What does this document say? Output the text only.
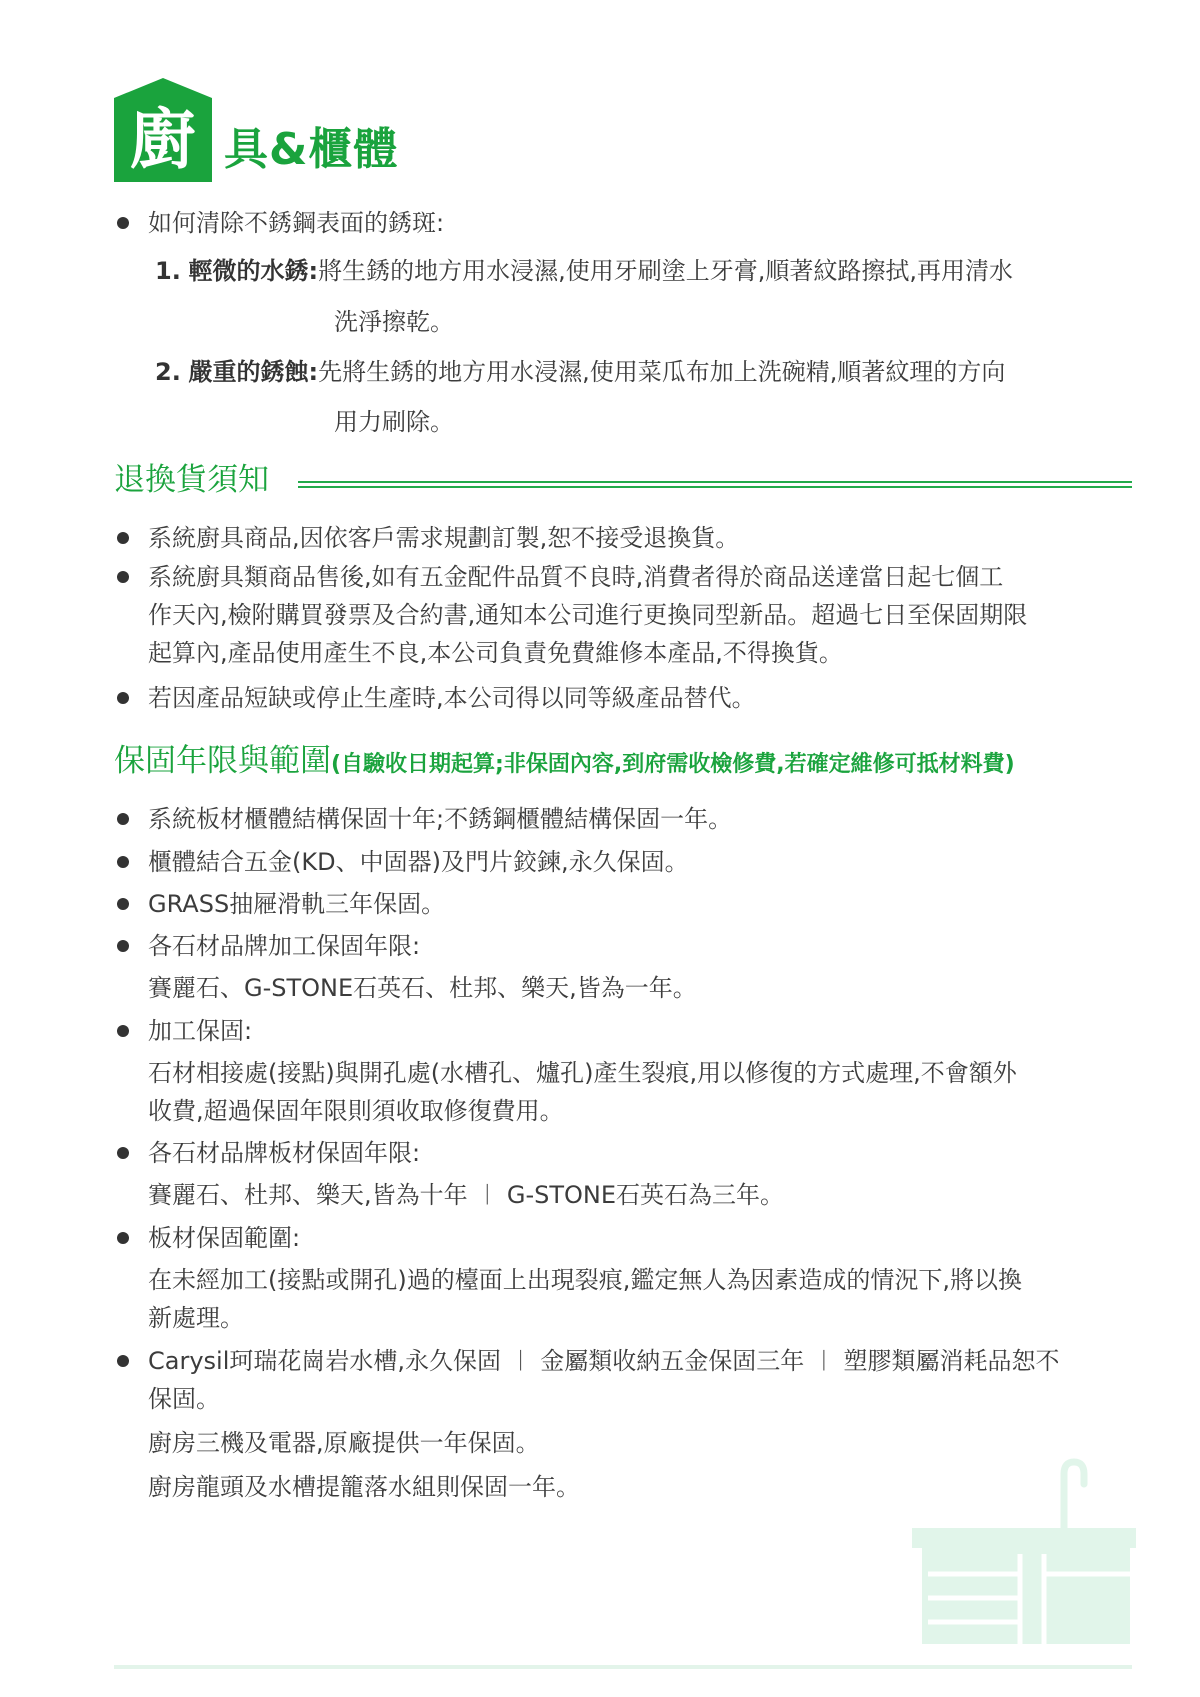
廚 具&櫃體
如何清除不銹鋼表面的銹斑:
1. 輕微的水銹:將生銹的地方用水浸濕,使用牙刷塗上牙膏,順著紋路擦拭,再用清水
洗淨擦乾。
2. 嚴重的銹蝕:先將生銹的地方用水浸濕,使用菜瓜布加上洗碗精,順著紋理的方向
用力刷除。
退換貨須知
系統廚具商品,因依客戶需求規劃訂製,恕不接受退換貨。
系統廚具類商品售後,如有五金配件品質不良時,消費者得於商品送達當日起七個工
作天內,檢附購買發票及合約書,通知本公司進行更換同型新品。超過七日至保固期限
起算內,產品使用產生不良,本公司負責免費維修本產品,不得換貨。
若因產品短缺或停止生產時,本公司得以同等級產品替代。
保固年限與範圍(自驗收日期起算;非保固內容,到府需收檢修費,若確定維修可抵材料費)
系統板材櫃體結構保固十年;不銹鋼櫃體結構保固一年。
櫃體結合五金(KD、中固器)及門片鉸鍊,永久保固。
GRASS抽屜滑軌三年保固。
各石材品牌加工保固年限:
賽麗石、G-STONE石英石、杜邦、樂天,皆為一年。
加工保固:
石材相接處(接點)與開孔處(水槽孔、爐孔)產生裂痕,用以修復的方式處理,不會額外
收費,超過保固年限則須收取修復費用。
各石材品牌板材保固年限:
賽麗石、杜邦、樂天,皆為十年 ︱ G-STONE石英石為三年。
板材保固範圍:
在未經加工(接點或開孔)過的檯面上出現裂痕,鑑定無人為因素造成的情況下,將以換
新處理。
Carysil珂瑞花崗岩水槽,永久保固 ︱ 金屬類收納五金保固三年 ︱ 塑膠類屬消耗品恕不
保固。
廚房三機及電器,原廠提供一年保固。
廚房龍頭及水槽提籠落水組則保固一年。
